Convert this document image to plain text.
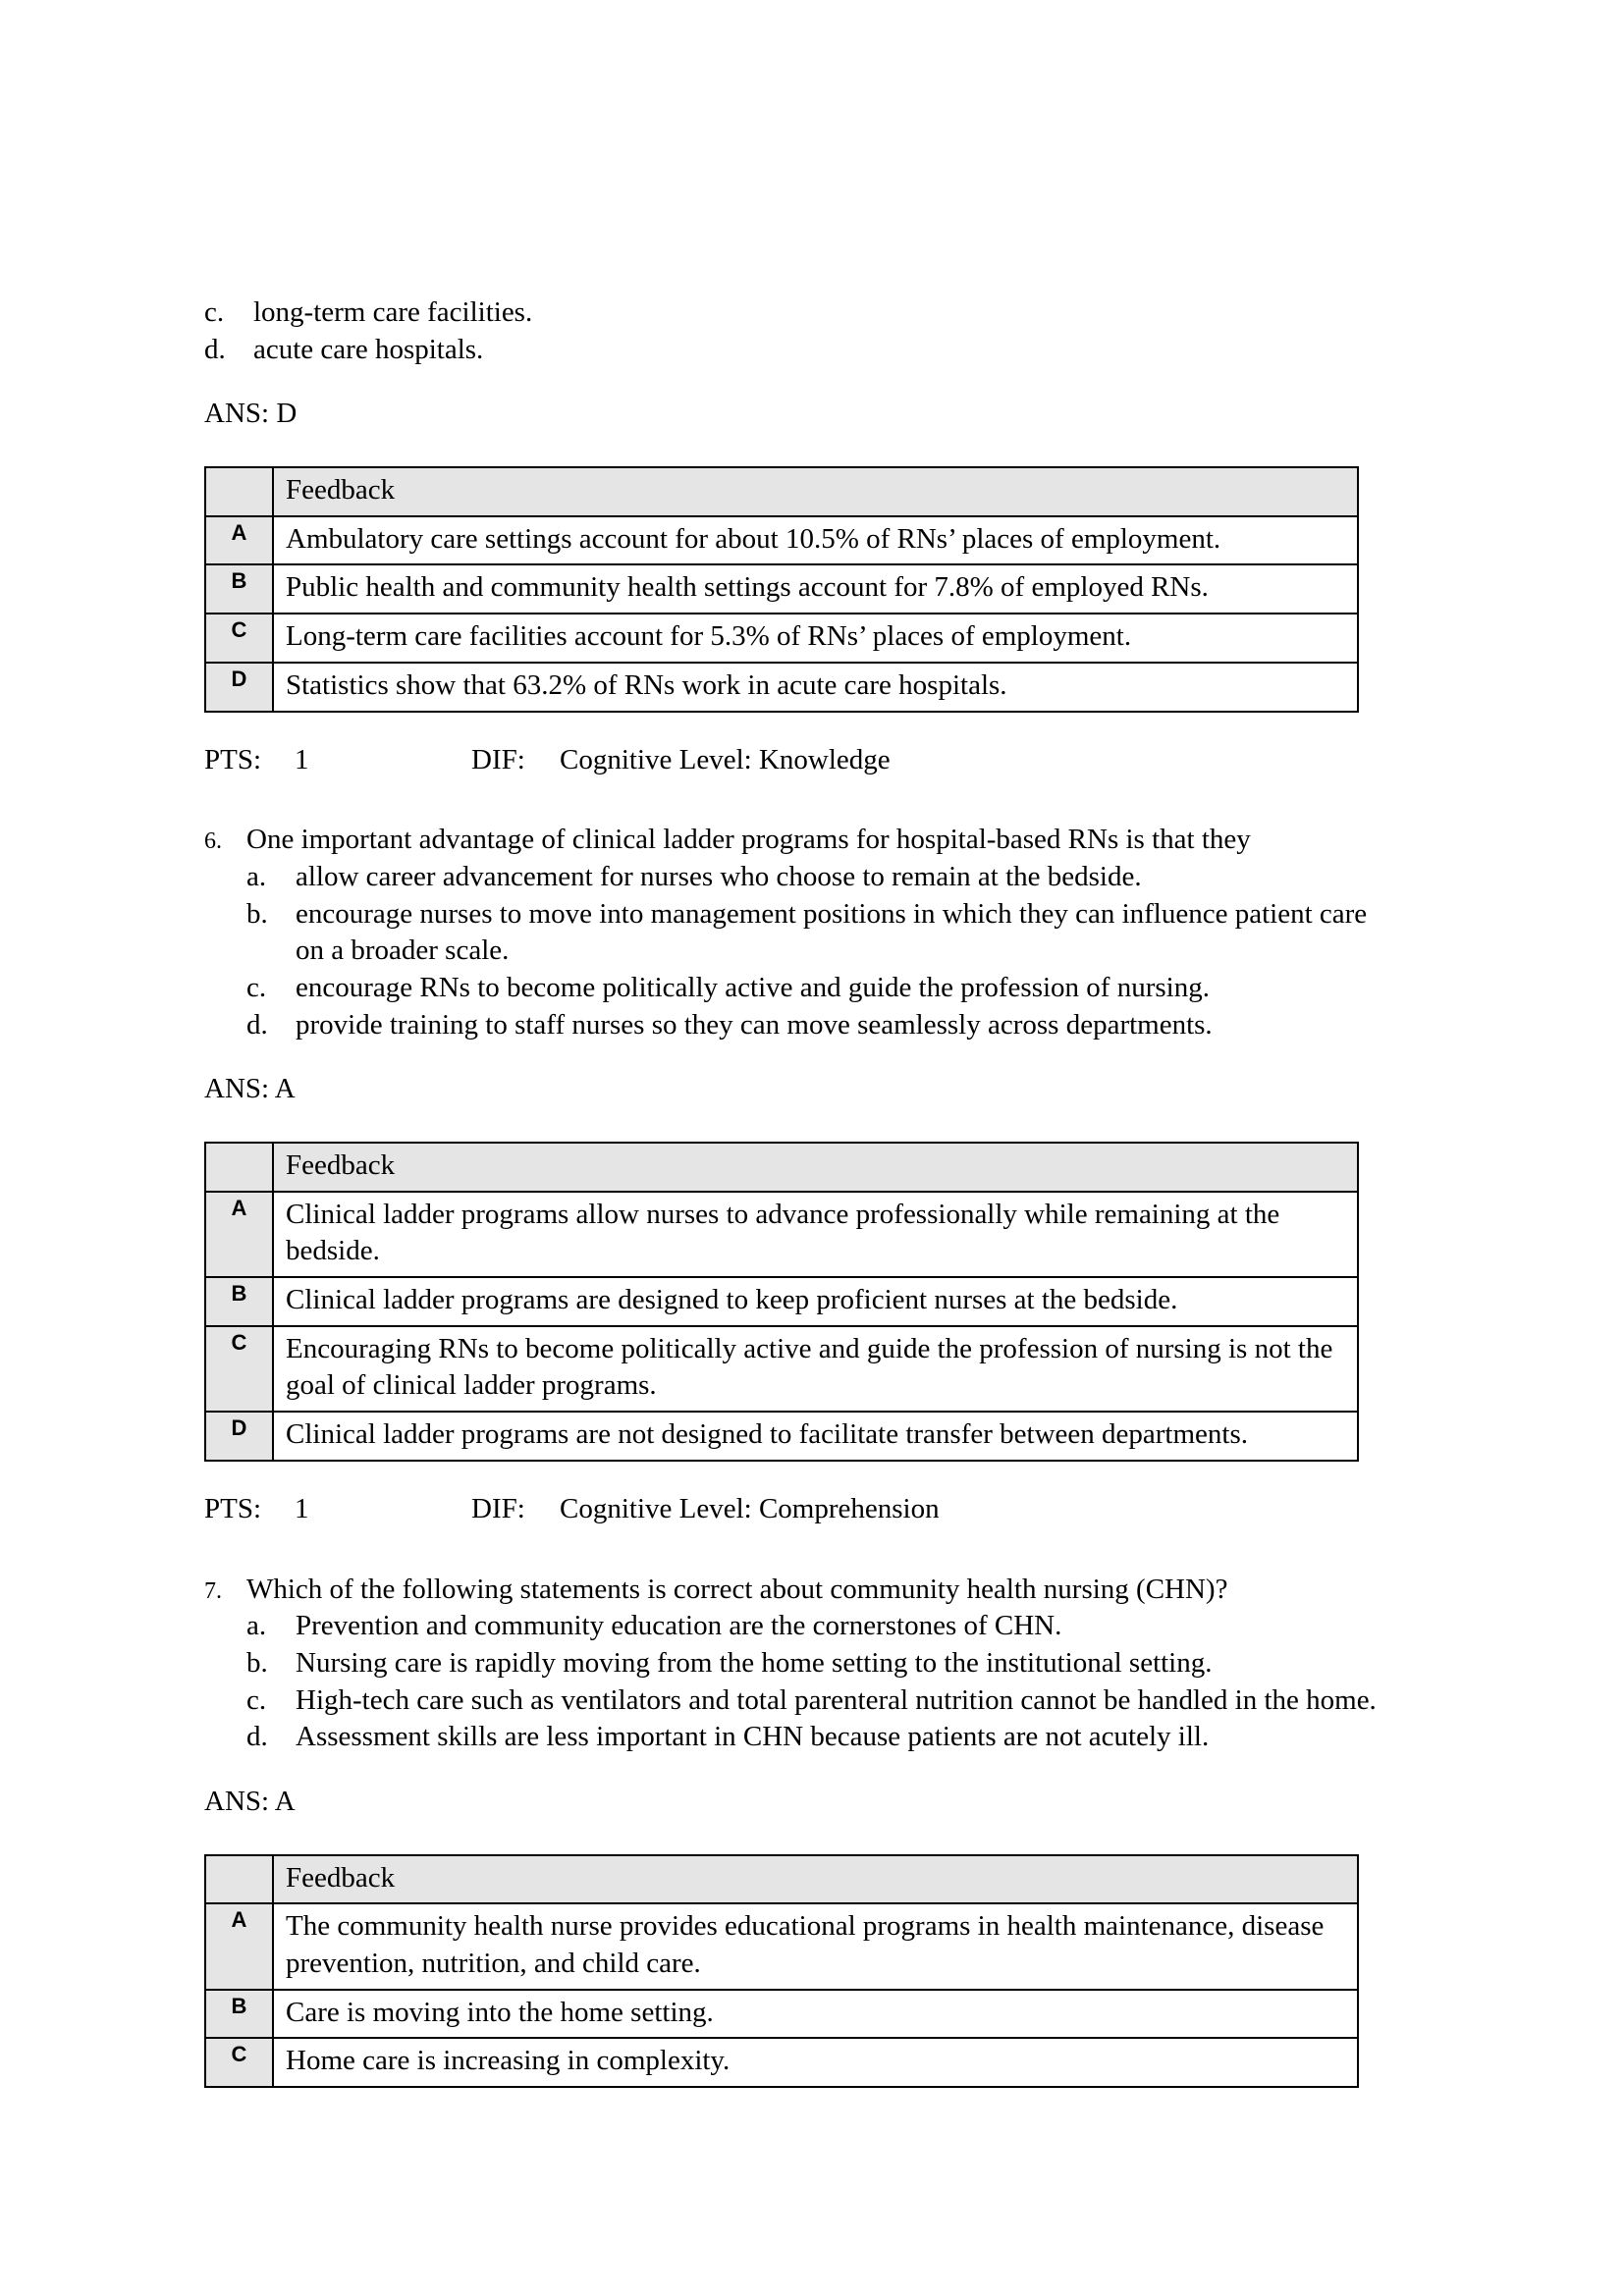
c.	long-term care facilities.
d. acute care hospitals.
ANS: D
	Feedback
A	Ambulatory care settings account for about 10.5% of RNs’ places of employment.
B	Public health and community health settings account for 7.8% of employed RNs.
C	Long-term care facilities account for 5.3% of RNs’ places of employment.
D	Statistics show that 63.2% of RNs work in acute care hospitals.
PTS:	1	DIF:	Cognitive Level: Knowledge
6. One important advantage of clinical ladder programs for hospital-based RNs is that they
a.	allow career advancement for nurses who choose to remain at the bedside.
b. encourage nurses to move into management positions in which they can influence patient care on a broader scale.
c.	encourage RNs to become politically active and guide the profession of nursing.
d. provide training to staff nurses so they can move seamlessly across departments.
ANS: A
	Feedback
A	Clinical ladder programs allow nurses to advance professionally while remaining at the bedside.
B	Clinical ladder programs are designed to keep proficient nurses at the bedside.
C	Encouraging RNs to become politically active and guide the profession of nursing is not the goal of clinical ladder programs.
D	Clinical ladder programs are not designed to facilitate transfer between departments.
PTS:	1	DIF:	Cognitive Level: Comprehension
7. Which of the following statements is correct about community health nursing (CHN)?
a.	Prevention and community education are the cornerstones of CHN.
b. Nursing care is rapidly moving from the home setting to the institutional setting.
c.	High-tech care such as ventilators and total parenteral nutrition cannot be handled in the home.
d. Assessment skills are less important in CHN because patients are not acutely ill.
ANS: A
	Feedback
A	The community health nurse provides educational programs in health maintenance, disease prevention, nutrition, and child care.
B	Care is moving into the home setting.
C	Home care is increasing in complexity.
